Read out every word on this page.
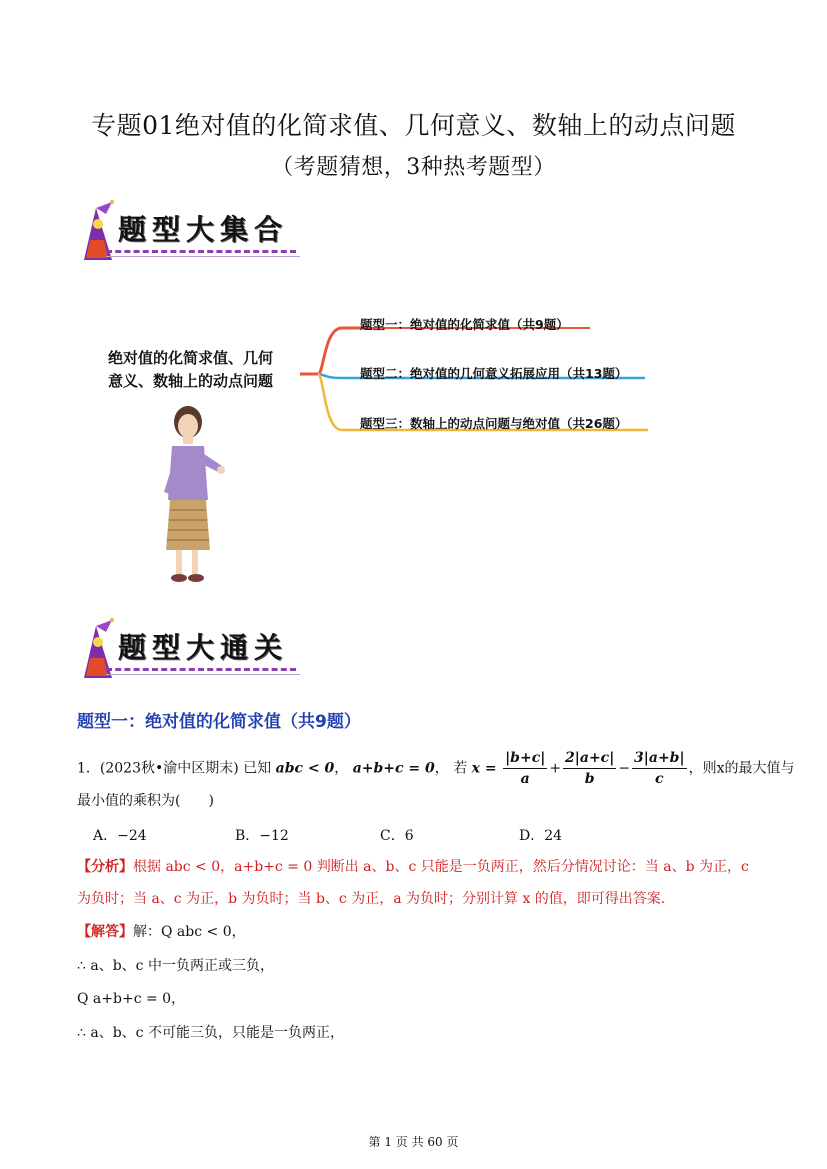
专题01绝对值的化简求值、几何意义、数轴上的动点问题
（考题猜想，3种热考题型）
题型大集合
绝对值的化简求值、几何
意义、数轴上的动点问题
题型一：绝对值的化简求值（共9题）
题型二：绝对值的几何意义拓展应用（共13题）
题型三：数轴上的动点问题与绝对值（共26题）
题型大通关
题型一：绝对值的化简求值（共9题）
1．(2023秋•渝中区期末) 已知 abc < 0， a+b+c = 0， 若 $x = \frac{|b+c|}{a} + \frac{2|a+c|}{b} - \frac{3|a+b|}{c}$ ，则x的最大值与
最小值的乘积为(　　)
A．−24	B．−12	C．6	D．24
【分析】根据 abc < 0，a+b+c = 0 判断出 a、b、c 只能是一负两正，然后分情况讨论：当 a、b 为正，c
为负时；当 a、c 为正，b 为负时；当 b、c 为正，a 为负时；分别计算 x 的值，即可得出答案．
【解答】解：Q abc < 0，
∴ a、b、c 中一负两正或三负，
Q a+b+c = 0，
∴ a、b、c 不可能三负，只能是一负两正，
第 1 页 共 60 页
